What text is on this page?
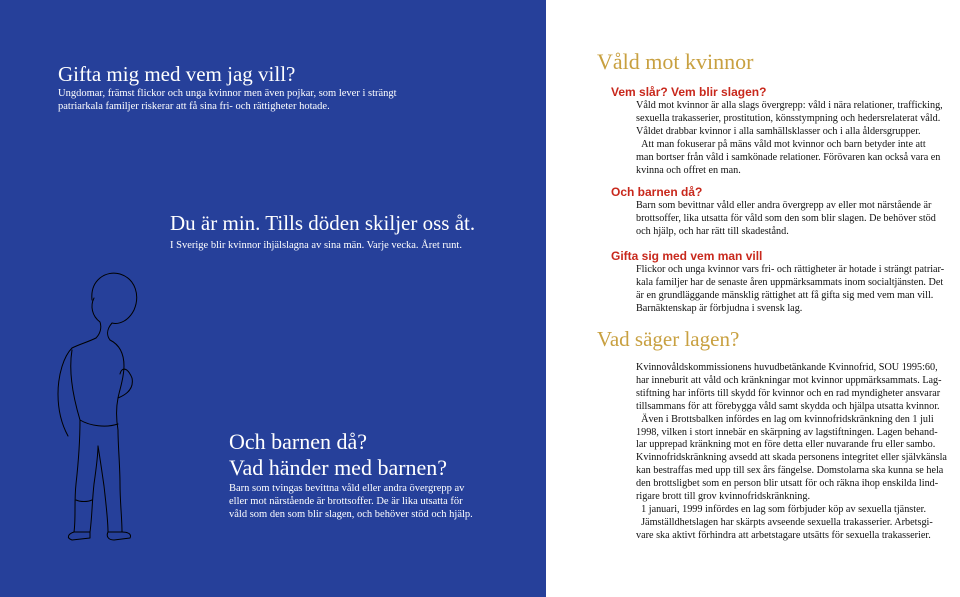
Gifta mig med vem jag vill?
Ungdomar, främst flickor och unga kvinnor men även pojkar, som lever i strängt
patriarkala familjer riskerar att få sina fri- och rättigheter hotade.
Du är min. Tills döden skiljer oss åt.
I Sverige blir kvinnor ihjälslagna av sina män. Varje vecka. Året runt.
Och barnen då?
Vad händer med barnen?
Barn som tvingas bevittna våld eller andra övergrepp av
eller mot närstående är brottsoffer. De är lika utsatta för
våld som den som blir slagen, och behöver stöd och hjälp.
Våld mot kvinnor
Vem slår? Vem blir slagen?

Våld mot kvinnor är alla slags övergrepp: våld i nära relationer, trafficking,

sexuella trakasserier, prostitution, könsstympning och hedersrelaterat våld.

Våldet drabbar kvinnor i alla samhällsklasser och i alla åldersgrupper.

Att man fokuserar på mäns våld mot kvinnor och barn betyder inte att

man bortser från våld i samkönade relationer. Förövaren kan också vara en

kvinna och offret en man.

Och barnen då?

Barn som bevittnar våld eller andra övergrepp av eller mot närstående är

brottsoffer, lika utsatta för våld som den som blir slagen. De behöver stöd

och hjälp, och har rätt till skadestånd.

Gifta sig med vem man vill

Flickor och unga kvinnor vars fri- och rättigheter är hotade i strängt patriar-

kala familjer har de senaste åren uppmärksammats inom socialtjänsten. Det

är en grundläggande mänsklig rättighet att få gifta sig med vem man vill.

Barnäktenskap är förbjudna i svensk lag.

Vad säger lagen?

Kvinnovåldskommissionens huvudbetänkande Kvinnofrid, SOU 1995:60,

har inneburit att våld och kränkningar mot kvinnor uppmärksammats. Lag-

stiftning har införts till skydd för kvinnor och en rad myndigheter ansvarar

tillsammans för att förebygga våld samt skydda och hjälpa utsatta kvinnor.

Även i Brottsbalken infördes en lag om kvinnofridskränkning den 1 juli

1998, vilken i stort innebär en skärpning av lagstiftningen. Lagen behand-

lar upprepad kränkning mot en före detta eller nuvarande fru eller sambo.

Kvinnofridskränkning avsedd att skada personens integritet eller självkänsla

kan bestraffas med upp till sex års fängelse. Domstolarna ska kunna se hela

den brottsligbet som en person blir utsatt för och räkna ihop enskilda lind-

rigare brott till grov kvinnofridskränkning.

1 januari, 1999 infördes en lag som förbjuder köp av sexuella tjänster.

Jämställdhetslagen har skärpts avseende sexuella trakasserier. Arbetsgi-

vare ska aktivt förhindra att arbetstagare utsätts för sexuella trakasserier.
